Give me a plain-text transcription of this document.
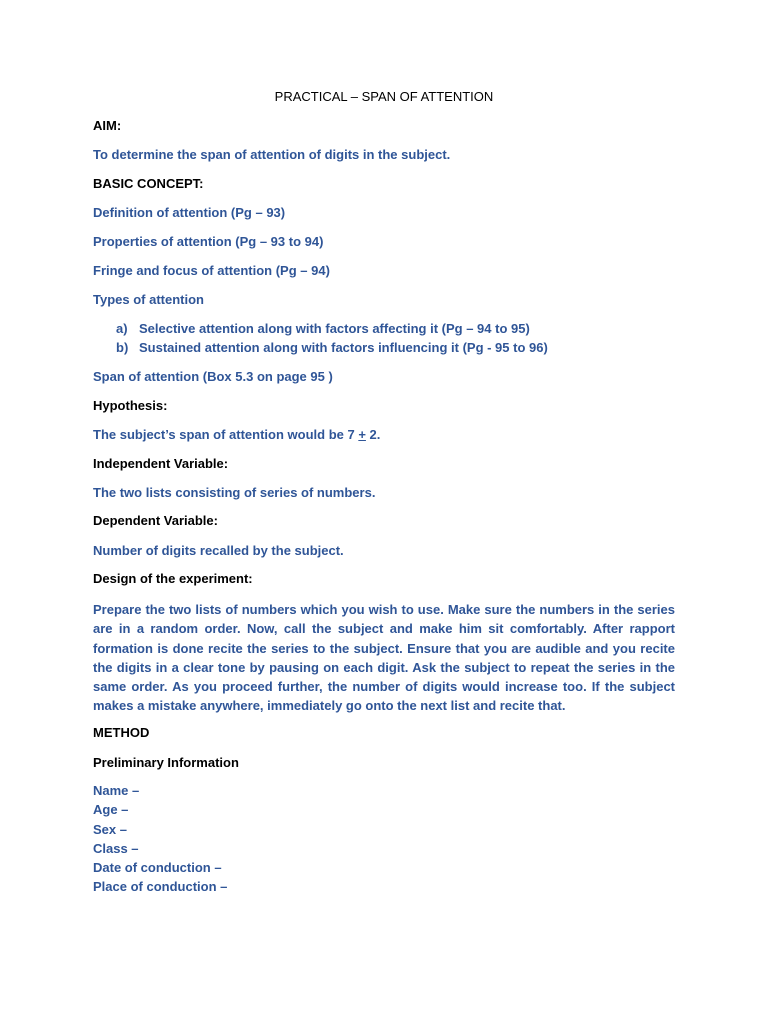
PRACTICAL – SPAN OF ATTENTION
AIM:
To determine the span of attention of digits in the subject.
BASIC CONCEPT:
Definition of attention (Pg – 93)
Properties of attention (Pg – 93 to 94)
Fringe and focus of attention (Pg – 94)
Types of attention
a) Selective attention along with factors affecting it (Pg – 94 to 95)
b) Sustained attention along with factors influencing it (Pg - 95 to 96)
Span of attention (Box 5.3 on page 95 )
Hypothesis:
The subject’s span of attention would be 7 + 2.
Independent Variable:
The two lists consisting of series of numbers.
Dependent Variable:
Number of digits recalled by the subject.
Design of the experiment:
Prepare the two lists of numbers which you wish to use. Make sure the numbers in the series are in a random order. Now, call the subject and make him sit comfortably. After rapport formation is done recite the series to the subject. Ensure that you are audible and you recite the digits in a clear tone by pausing on each digit. Ask the subject to repeat the series in the same order. As you proceed further, the number of digits would increase too. If the subject makes a mistake anywhere, immediately go onto the next list and recite that.
METHOD
Preliminary Information
Name –
Age –
Sex –
Class –
Date of conduction –
Place of conduction –
